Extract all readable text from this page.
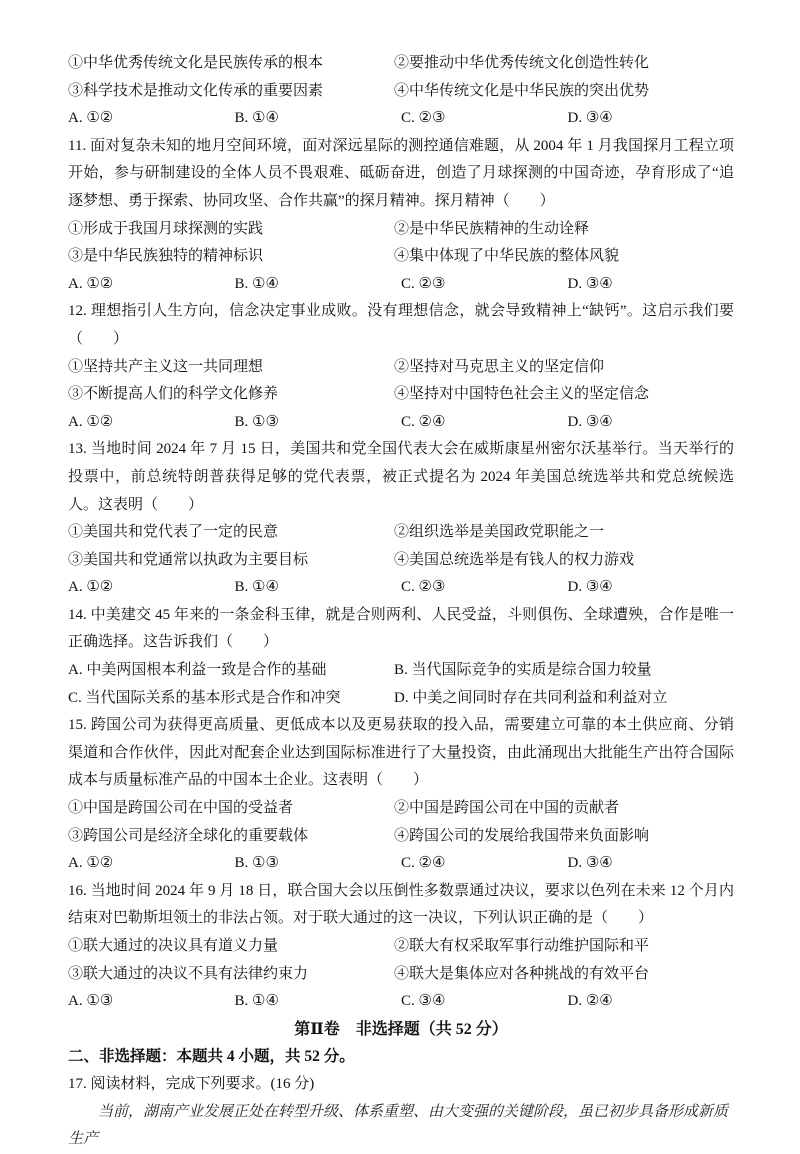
①中华优秀传统文化是民族传承的根本	②要推动中华优秀传统文化创造性转化
③科学技术是推动文化传承的重要因素	④中华传统文化是中华民族的突出优势
A. ①②	B. ①④	C. ②③	D. ③④

11. 面对复杂未知的地月空间环境，面对深远星际的测控通信难题，从 2004 年 1 月我国探月工程立项开始，参与研制建设的全体人员不畏艰难、砥砺奋进，创造了月球探测的中国奇迹，孕育形成了“追逐梦想、勇于探索、协同攻坚、合作共赢”的探月精神。探月精神（　　）

①形成于我国月球探测的实践	②是中华民族精神的生动诠释
③是中华民族独特的精神标识	④集中体现了中华民族的整体风貌
A. ①②	B. ①④	C. ②③	D. ③④

12. 理想指引人生方向，信念决定事业成败。没有理想信念，就会导致精神上“缺钙”。这启示我们要（　　）

①坚持共产主义这一共同理想	②坚持对马克思主义的坚定信仰
③不断提高人们的科学文化修养	④坚持对中国特色社会主义的坚定信念
A. ①②	B. ①③	C. ②④	D. ③④

13. 当地时间 2024 年 7 月 15 日，美国共和党全国代表大会在威斯康星州密尔沃基举行。当天举行的投票中，前总统特朗普获得足够的党代表票，被正式提名为 2024 年美国总统选举共和党总统候选人。这表明（　　）

①美国共和党代表了一定的民意	②组织选举是美国政党职能之一
③美国共和党通常以执政为主要目标	④美国总统选举是有钱人的权力游戏
A. ①②	B. ①④	C. ②③	D. ③④

14. 中美建交 45 年来的一条金科玉律，就是合则两利、人民受益，斗则俱伤、全球遭殃，合作是唯一正确选择。这告诉我们（　　）

A. 中美两国根本利益一致是合作的基础	B. 当代国际竞争的实质是综合国力较量
C. 当代国际关系的基本形式是合作和冲突	D. 中美之间同时存在共同利益和利益对立

15. 跨国公司为获得更高质量、更低成本以及更易获取的投入品，需要建立可靠的本土供应商、分销渠道和合作伙伴，因此对配套企业达到国际标准进行了大量投资，由此涌现出大批能生产出符合国际成本与质量标准产品的中国本土企业。这表明（　　）

①中国是跨国公司在中国的受益者	②中国是跨国公司在中国的贡献者
③跨国公司是经济全球化的重要载体	④跨国公司的发展给我国带来负面影响
A. ①②	B. ①③	C. ②④	D. ③④

16. 当地时间 2024 年 9 月 18 日，联合国大会以压倒性多数票通过决议，要求以色列在未来 12 个月内结束对巴勒斯坦领土的非法占领。对于联大通过的这一决议，下列认识正确的是（　　）

①联大通过的决议具有道义力量	②联大有权采取军事行动维护国际和平
③联大通过的决议不具有法律约束力	④联大是集体应对各种挑战的有效平台
A. ①③	B. ①④	C. ③④	D. ②④

第Ⅱ卷　非选择题（共 52 分）

二、非选择题：本题共 4 小题，共 52 分。

17. 阅读材料，完成下列要求。(16 分)

当前，湖南产业发展正处在转型升级、体系重塑、由大变强的关键阶段，虽已初步具备形成新质生产
